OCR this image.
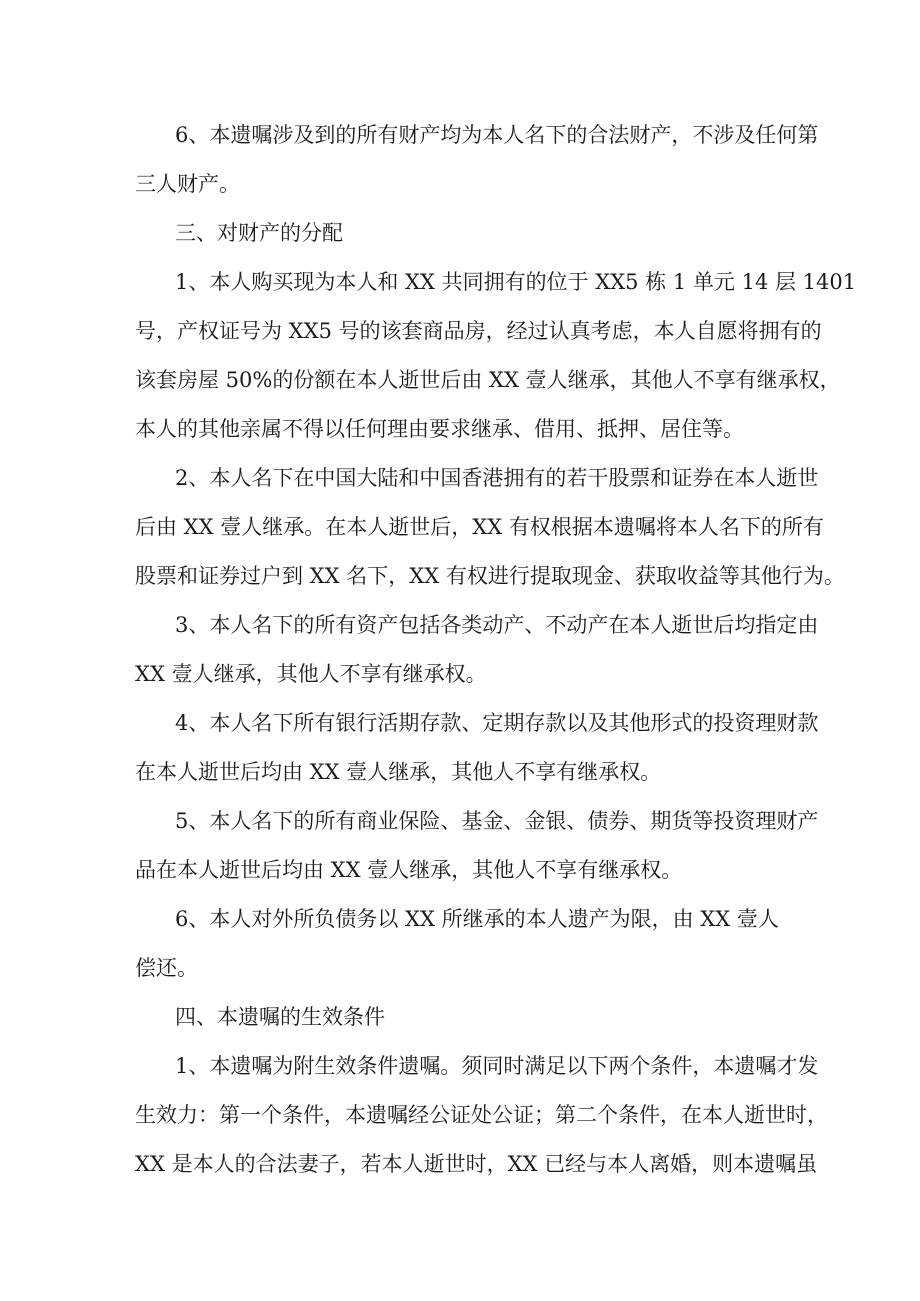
6、本遗嘱涉及到的所有财产均为本人名下的合法财产，不涉及任何第
三人财产。
三、对财产的分配
1、本人购买现为本人和 XX 共同拥有的位于 XX5 栋 1 单元 14 层 1401
号，产权证号为 XX5 号的该套商品房，经过认真考虑，本人自愿将拥有的
该套房屋 50%的份额在本人逝世后由 XX 壹人继承，其他人不享有继承权，
本人的其他亲属不得以任何理由要求继承、借用、抵押、居住等。
2、本人名下在中国大陆和中国香港拥有的若干股票和证券在本人逝世
后由 XX 壹人继承。在本人逝世后，XX 有权根据本遗嘱将本人名下的所有
股票和证券过户到 XX 名下，XX 有权进行提取现金、获取收益等其他行为。
3、本人名下的所有资产包括各类动产、不动产在本人逝世后均指定由
XX 壹人继承，其他人不享有继承权。
4、本人名下所有银行活期存款、定期存款以及其他形式的投资理财款
在本人逝世后均由 XX 壹人继承，其他人不享有继承权。
5、本人名下的所有商业保险、基金、金银、债券、期货等投资理财产
品在本人逝世后均由 XX 壹人继承，其他人不享有继承权。
6、本人对外所负债务以 XX 所继承的本人遗产为限，由 XX 壹人
偿还。
四、本遗嘱的生效条件
1、本遗嘱为附生效条件遗嘱。须同时满足以下两个条件，本遗嘱才发
生效力：第一个条件，本遗嘱经公证处公证；第二个条件，在本人逝世时，
XX 是本人的合法妻子，若本人逝世时，XX 已经与本人离婚，则本遗嘱虽
